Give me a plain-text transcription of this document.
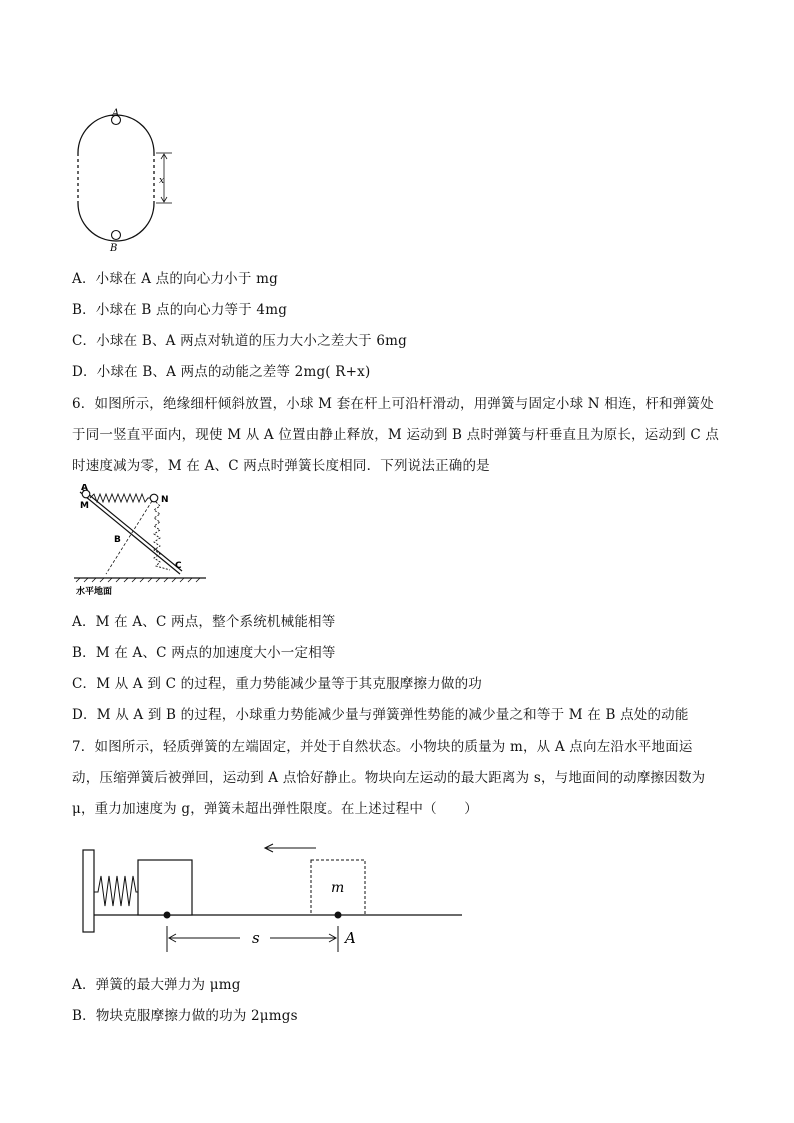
A
B
x
A．小球在 A 点的向心力小于 mg
B．小球在 B 点的向心力等于 4mg
C．小球在 B、A 两点对轨道的压力大小之差大于 6mg
D．小球在 B、A 两点的动能之差等 2mg( R+x)
6．如图所示，绝缘细杆倾斜放置，小球 M 套在杆上可沿杆滑动，用弹簧与固定小球 N 相连，杆和弹簧处
于同一竖直平面内，现使 M 从 A 位置由静止释放，M 运动到 B 点时弹簧与杆垂直且为原长，运动到 C 点
时速度减为零，M 在 A、C 两点时弹簧长度相同．下列说法正确的是
A
M
N
B
C
水平地面
A．M 在 A、C 两点，整个系统机械能相等
B．M 在 A、C 两点的加速度大小一定相等
C．M 从 A 到 C 的过程，重力势能减少量等于其克服摩擦力做的功
D．M 从 A 到 B 的过程，小球重力势能减少量与弹簧弹性势能的减少量之和等于 M 在 B 点处的动能
7．如图所示，轻质弹簧的左端固定，并处于自然状态。小物块的质量为 m，从 A 点向左沿水平地面运
动，压缩弹簧后被弹回，运动到 A 点恰好静止。物块向左运动的最大距离为 s，与地面间的动摩擦因数为
μ，重力加速度为 g，弹簧未超出弹性限度。在上述过程中（　　）
m
s	A
A．弹簧的最大弹力为 μmg
B．物块克服摩擦力做的功为 2μmgs
